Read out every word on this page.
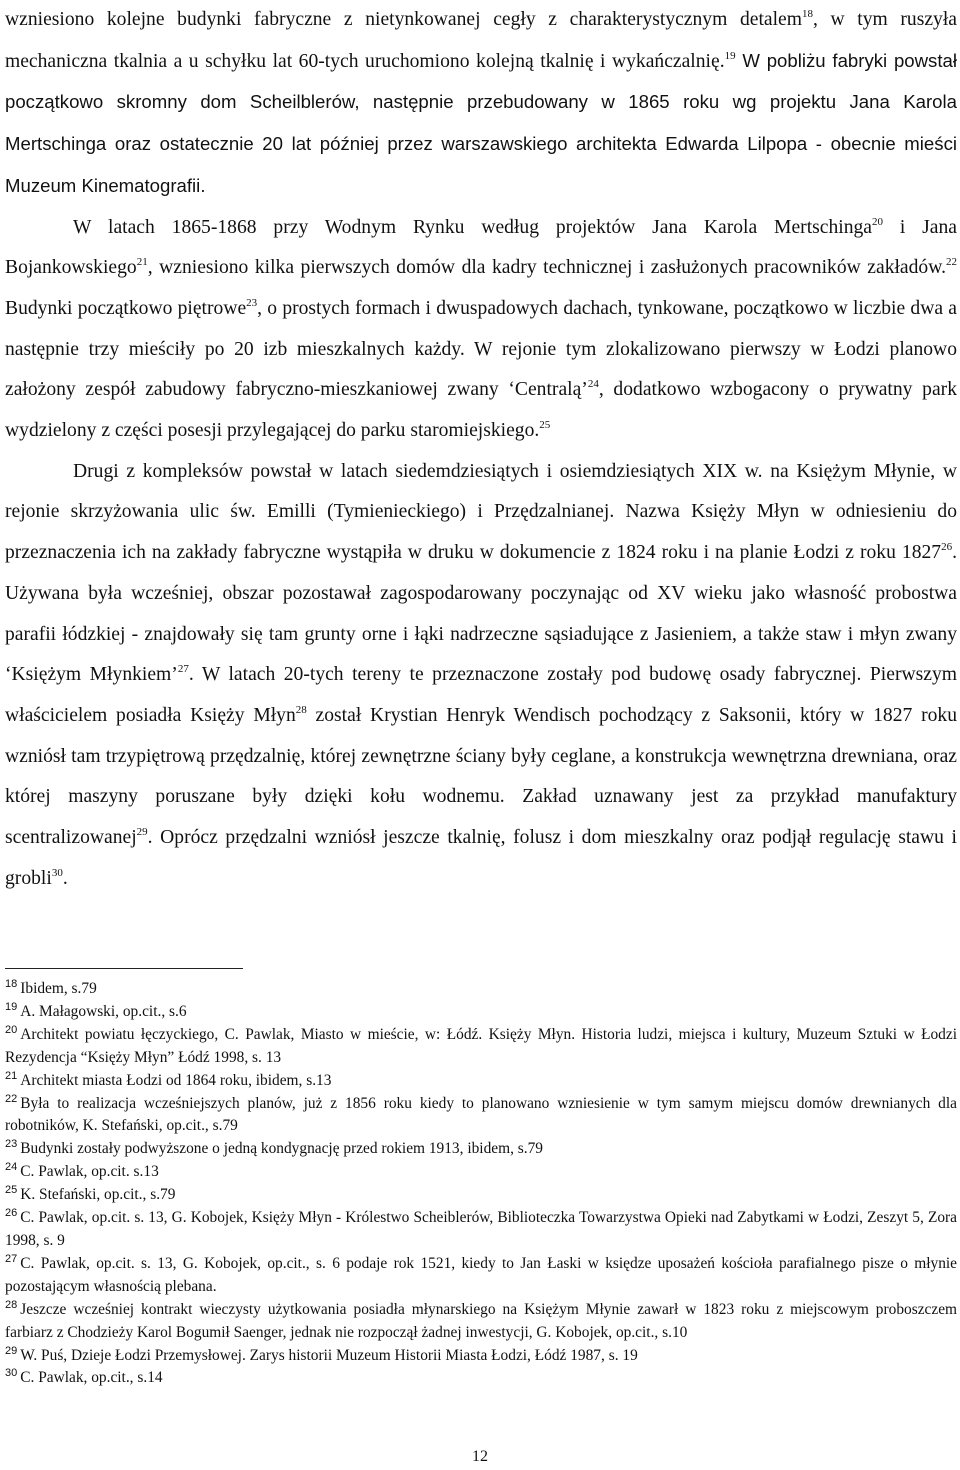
wzniesiono kolejne budynki fabryczne z nietynkowanej cegły z charakterystycznym detalem$^{18}$, w tym ruszyła mechaniczna tkalnia a u schyłku lat 60-tych uruchomiono kolejną tkalnię i wykańczalnię.$^{19}$ W pobliżu fabryki powstał początkowo skromny dom Scheilblerów, następnie przebudowany w 1865 roku wg projektu Jana Karola Mertschinga oraz ostatecznie 20 lat później przez warszawskiego architekta Edwarda Lilpopa - obecnie mieści Muzeum Kinematografii.

W latach 1865-1868 przy Wodnym Rynku według projektów Jana Karola Mertschinga$^{20}$ i Jana Bojankowskiego$^{21}$, wzniesiono kilka pierwszych domów dla kadry technicznej i zasłużonych pracowników zakładów.$^{22}$ Budynki początkowo piętrowe$^{23}$, o prostych formach i dwuspadowych dachach, tynkowane, początkowo w liczbie dwa a następnie trzy mieściły po 20 izb mieszkalnych każdy. W rejonie tym zlokalizowano pierwszy w Łodzi planowo założony zespół zabudowy fabryczno-mieszkaniowej zwany ‘Centralą’$^{24}$, dodatkowo wzbogacony o prywatny park wydzielony z części posesji przylegającej do parku staromiejskiego.$^{25}$

Drugi z kompleksów powstał w latach siedemdziesiątych i osiemdziesiątych XIX w. na Księżym Młynie, w rejonie skrzyżowania ulic św. Emilli (Tymienieckiego) i Przędzalnianej. Nazwa Księży Młyn w odniesieniu do przeznaczenia ich na zakłady fabryczne wystąpiła w druku w dokumencie z 1824 roku i na planie Łodzi z roku 1827$^{26}$. Używana była wcześniej, obszar pozostawał zagospodarowany poczynając od XV wieku jako własność probostwa parafii łódzkiej - znajdowały się tam grunty orne i łąki nadrzeczne sąsiadujące z Jasieniem, a także staw i młyn zwany ‘Księżym Młynkiem’$^{27}$. W latach 20-tych tereny te przeznaczone zostały pod budowę osady fabrycznej. Pierwszym właścicielem posiadła Księży Młyn$^{28}$ został Krystian Henryk Wendisch pochodzący z Saksonii, który w 1827 roku wzniósł tam trzypiętrową przędzalnię, której zewnętrzne ściany były ceglane, a konstrukcja wewnętrzna drewniana, oraz której maszyny poruszane były dzięki kołu wodnemu. Zakład uznawany jest za przykład manufaktury scentralizowanej$^{29}$. Oprócz przędzalni wzniósł jeszcze tkalnię, folusz i dom mieszkalny oraz podjął regulację stawu i grobli$^{30}$.

$^{18}$ Ibidem, s.79

$^{19}$ A. Małagowski, op.cit., s.6

$^{20}$ Architekt powiatu łęczyckiego, C. Pawlak, Miasto w mieście, w: Łódź. Księży Młyn. Historia ludzi, miejsca i kultury, Muzeum Sztuki w Łodzi Rezydencja “Księży Młyn” Łódź 1998, s. 13

$^{21}$ Architekt miasta Łodzi od 1864 roku, ibidem, s.13

$^{22}$ Była to realizacja wcześniejszych planów, już z 1856 roku kiedy to planowano wzniesienie w tym samym miejscu domów drewnianych dla robotników, K. Stefański, op.cit., s.79

$^{23}$ Budynki zostały podwyższone o jedną kondygnację przed rokiem 1913, ibidem, s.79

$^{24}$ C. Pawlak, op.cit. s.13

$^{25}$ K. Stefański, op.cit., s.79

$^{26}$ C. Pawlak, op.cit. s. 13, G. Kobojek, Księży Młyn - Królestwo Scheiblerów, Biblioteczka Towarzystwa Opieki nad Zabytkami w Łodzi, Zeszyt 5, Zora 1998, s. 9

$^{27}$ C. Pawlak, op.cit. s. 13, G. Kobojek, op.cit., s. 6 podaje rok 1521, kiedy to Jan Łaski w księdze uposażeń kościoła parafialnego pisze o młynie pozostającym własnością plebana.

$^{28}$ Jeszcze wcześniej kontrakt wieczysty użytkowania posiadła młynarskiego na Księżym Młynie zawarł w 1823 roku z miejscowym proboszczem farbiarz z Chodzieży Karol Bogumił Saenger, jednak nie rozpoczął żadnej inwestycji, G. Kobojek, op.cit., s.10

$^{29}$ W. Puś, Dzieje Łodzi Przemysłowej. Zarys historii Muzeum Historii Miasta Łodzi, Łódź 1987, s. 19

$^{30}$ C. Pawlak, op.cit., s.14

12
